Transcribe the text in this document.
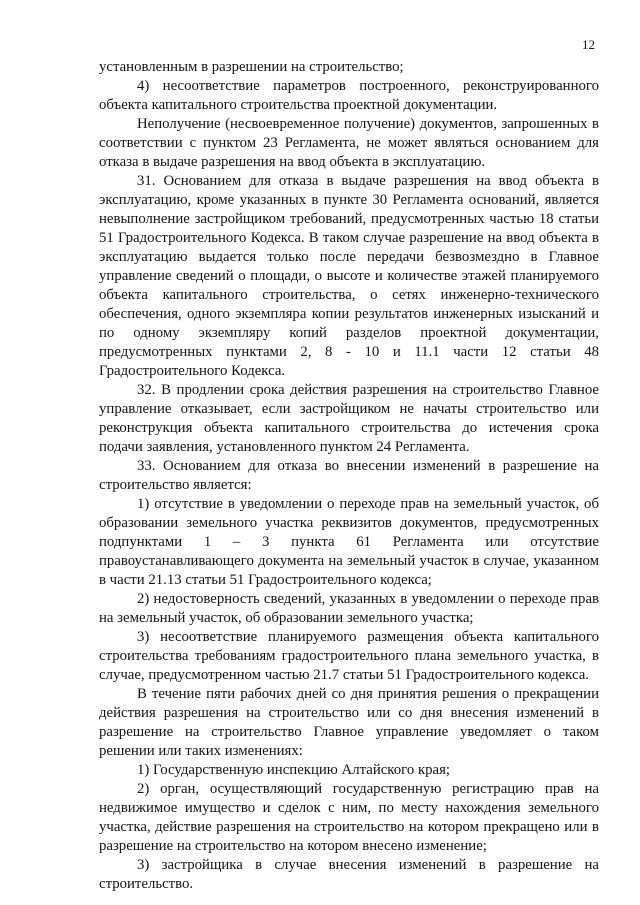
12

установленным в разрешении на строительство;

4) несоответствие параметров построенного, реконструированного объекта капитального строительства проектной документации.

Неполучение (несвоевременное получение) документов, запрошенных в соответствии с пунктом 23 Регламента, не может являться основанием для отказа в выдаче разрешения на ввод объекта в эксплуатацию.

31. Основанием для отказа в выдаче разрешения на ввод объекта в эксплуатацию, кроме указанных в пункте 30 Регламента оснований, является невыполнение застройщиком требований, предусмотренных частью 18 статьи 51 Градостроительного Кодекса. В таком случае разрешение на ввод объекта в эксплуатацию выдается только после передачи безвозмездно в Главное управление сведений о площади, о высоте и количестве этажей планируемого объекта капитального строительства, о сетях инженерно-технического обеспечения, одного экземпляра копии результатов инженерных изысканий и по одному экземпляру копий разделов проектной документации, предусмотренных пунктами 2, 8 - 10 и 11.1 части 12 статьи 48 Градостроительного Кодекса.

32. В продлении срока действия разрешения на строительство Главное управление отказывает, если застройщиком не начаты строительство или реконструкция объекта капитального строительства до истечения срока подачи заявления, установленного пунктом 24 Регламента.

33. Основанием для отказа во внесении изменений в разрешение на строительство является:

1) отсутствие в уведомлении о переходе прав на земельный участок, об образовании земельного участка реквизитов документов, предусмотренных подпунктами 1 – 3 пункта 61 Регламента или отсутствие правоустанавливающего документа на земельный участок в случае, указанном в части 21.13 статьи 51 Градостроительного кодекса;

2) недостоверность сведений, указанных в уведомлении о переходе прав на земельный участок, об образовании земельного участка;

3) несоответствие планируемого размещения объекта капитального строительства требованиям градостроительного плана земельного участка, в случае, предусмотренном частью 21.7 статьи 51 Градостроительного кодекса.

В течение пяти рабочих дней со дня принятия решения о прекращении действия разрешения на строительство или со дня внесения изменений в разрешение на строительство Главное управление уведомляет о таком решении или таких изменениях:

1) Государственную инспекцию Алтайского края;

2) орган, осуществляющий государственную регистрацию прав на недвижимое имущество и сделок с ним, по месту нахождения земельного участка, действие разрешения на строительство на котором прекращено или в разрешение на строительство на котором внесено изменение;

3) застройщика в случае внесения изменений в разрешение на строительство.
